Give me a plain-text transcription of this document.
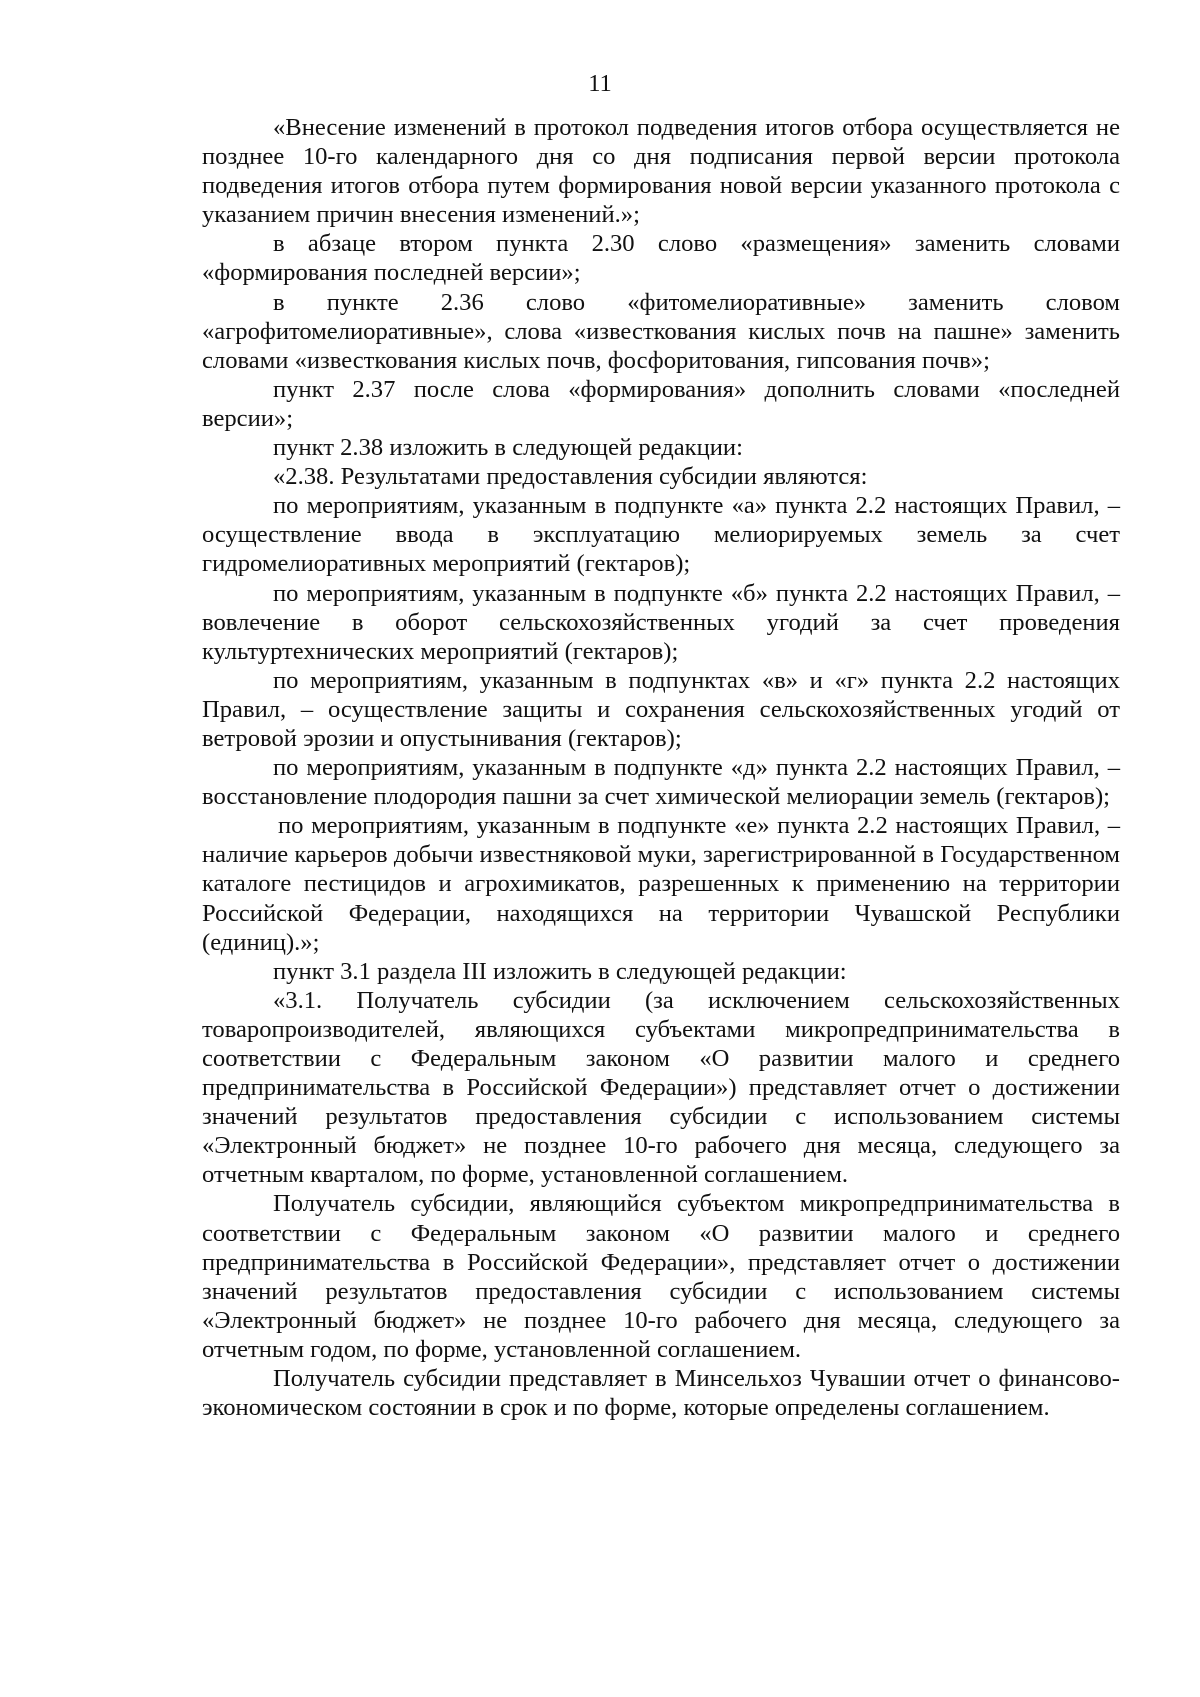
11

«Внесение изменений в протокол подведения итогов отбора осуществляется не позднее 10-го календарного дня со дня подписания первой версии протокола подведения итогов отбора путем формирования новой версии указанного протокола с указанием причин внесения изменений.»;

в абзаце втором пункта 2.30 слово «размещения» заменить словами «формирования последней версии»;

в пункте 2.36 слово «фитомелиоративные» заменить словом «агрофитомелиоративные», слова «известкования кислых почв на пашне» заменить словами «известкования кислых почв, фосфоритования, гипсования почв»;

пункт 2.37 после слова «формирования» дополнить словами «последней версии»;

пункт 2.38 изложить в следующей редакции:

«2.38. Результатами предоставления субсидии являются:

по мероприятиям, указанным в подпункте «а» пункта 2.2 настоящих Правил, – осуществление ввода в эксплуатацию мелиорируемых земель за счет гидромелиоративных мероприятий (гектаров);

по мероприятиям, указанным в подпункте «б» пункта 2.2 настоящих Правил, – вовлечение в оборот сельскохозяйственных угодий за счет проведения культуртехнических мероприятий (гектаров);

по мероприятиям, указанным в подпунктах «в» и «г» пункта 2.2 настоящих Правил, – осуществление защиты и сохранения сельскохозяйственных угодий от ветровой эрозии и опустынивания (гектаров);

по мероприятиям, указанным в подпункте «д» пункта 2.2 настоящих Правил, – восстановление плодородия пашни за счет химической мелиорации земель (гектаров);

по мероприятиям, указанным в подпункте «е» пункта 2.2 настоящих Правил, – наличие карьеров добычи известняковой муки, зарегистрированной в Государственном каталоге пестицидов и агрохимикатов, разрешенных к применению на территории Российской Федерации, находящихся на территории Чувашской Республики (единиц).»;

пункт 3.1 раздела III изложить в следующей редакции:

«3.1. Получатель субсидии (за исключением сельскохозяйственных товаропроизводителей, являющихся субъектами микропредпринимательства в соответствии с Федеральным законом «О развитии малого и среднего предпринимательства в Российской Федерации») представляет отчет о достижении значений результатов предоставления субсидии с использованием системы «Электронный бюджет» не позднее 10-го рабочего дня месяца, следующего за отчетным кварталом, по форме, установленной соглашением.

Получатель субсидии, являющийся субъектом микропредпринимательства в соответствии с Федеральным законом «О развитии малого и среднего предпринимательства в Российской Федерации», представляет отчет о достижении значений результатов предоставления субсидии с использованием системы «Электронный бюджет» не позднее 10-го рабочего дня месяца, следующего за отчетным годом, по форме, установленной соглашением.

Получатель субсидии представляет в Минсельхоз Чувашии отчет о финансово-экономическом состоянии в срок и по форме, которые определены соглашением.
